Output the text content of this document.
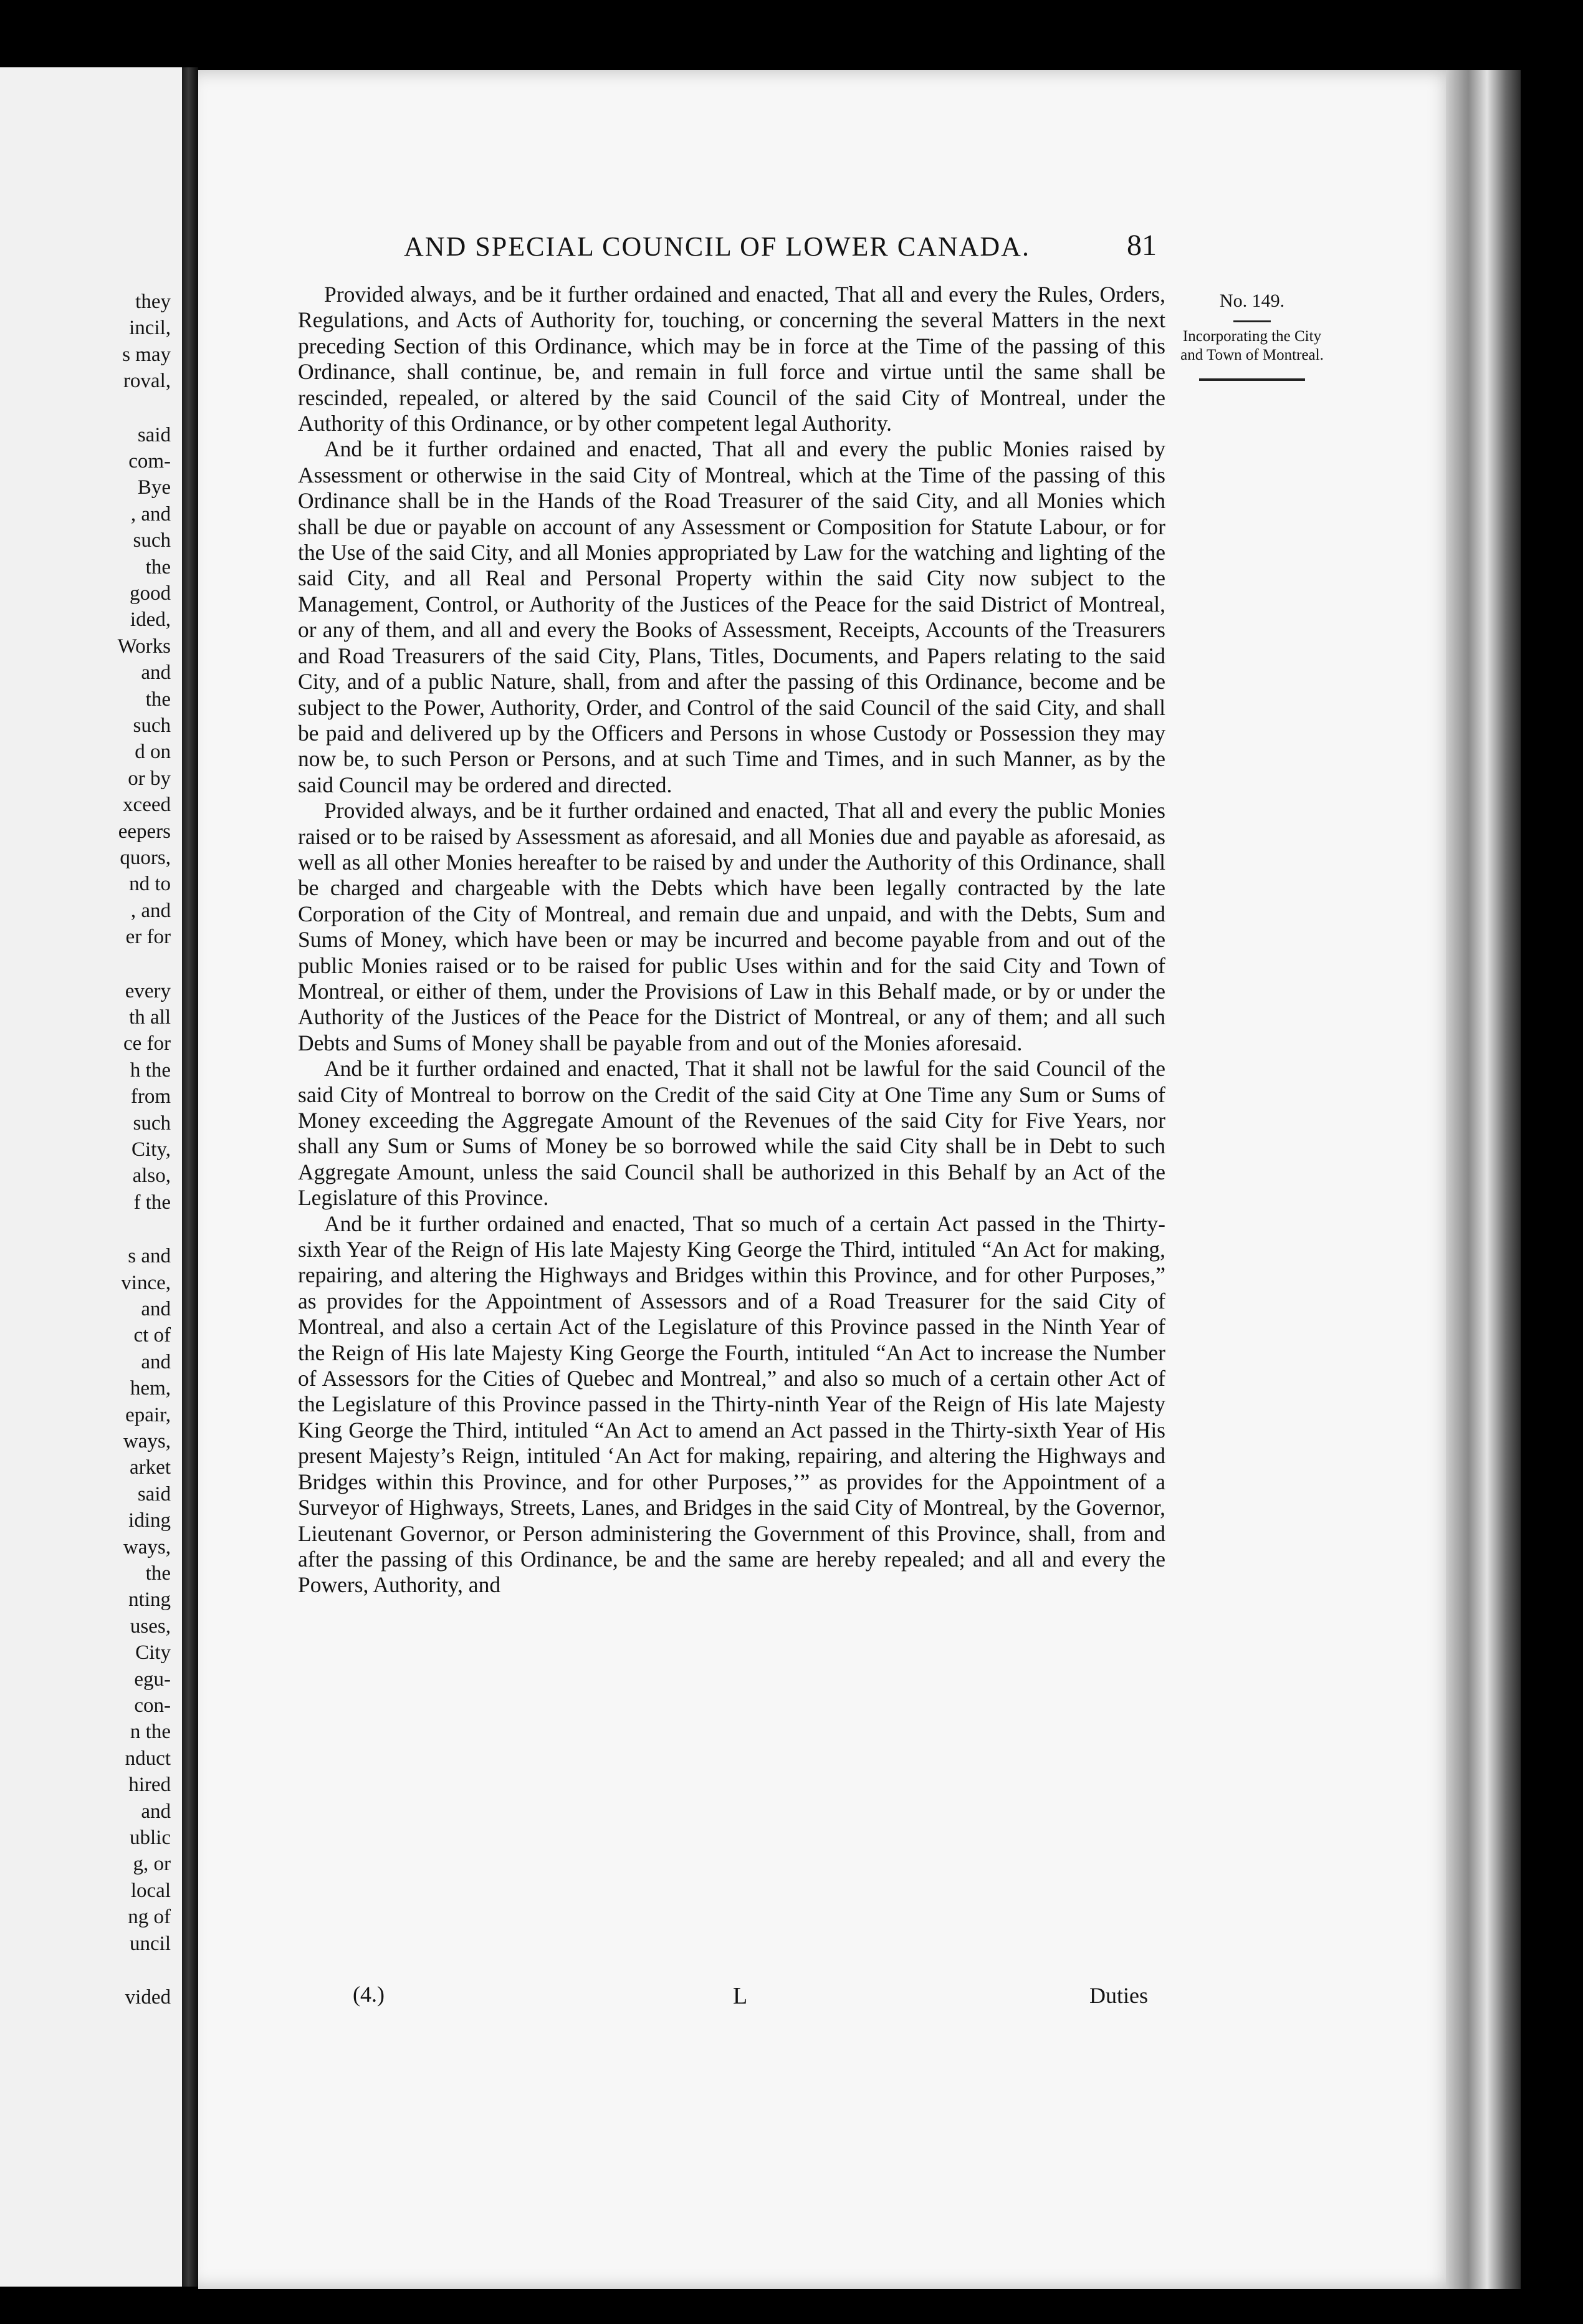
they
incil,
s may
roval,
said
com-
Bye
, and
such
the
good
ided,
Works
and
the
such
d on
or by
xceed
eepers
quors,
nd to
, and
er for
every
th all
ce for
h the
from
such
City,
also,
f the
s and
vince,
and
ct of
and
hem,
epair,
ways,
arket
said
iding
ways,
the
nting
uses,
City
egu-
con-
n the
nduct
hired
and
ublic
g, or
local
ng of
uncil
vided
AND SPECIAL COUNCIL OF LOWER CANADA.	81
No. 149.
Incorporating the City and Town of Montreal.

Provided always, and be it further ordained and enacted, That all and every the Rules, Orders, Regulations, and Acts of Authority for, touching, or concerning the several Matters in the next preceding Section of this Ordinance, which may be in force at the Time of the passing of this Ordinance, shall continue, be, and remain in full force and virtue until the same shall be rescinded, repealed, or altered by the said Council of the said City of Montreal, under the Authority of this Ordinance, or by other competent legal Authority.

And be it further ordained and enacted, That all and every the public Monies raised by Assessment or otherwise in the said City of Montreal, which at the Time of the passing of this Ordinance shall be in the Hands of the Road Treasurer of the said City, and all Monies which shall be due or payable on account of any Assessment or Composition for Statute Labour, or for the Use of the said City, and all Monies appropriated by Law for the watching and lighting of the said City, and all Real and Personal Property within the said City now subject to the Management, Control, or Authority of the Justices of the Peace for the said District of Montreal, or any of them, and all and every the Books of Assessment, Receipts, Accounts of the Treasurers and Road Treasurers of the said City, Plans, Titles, Documents, and Papers relating to the said City, and of a public Nature, shall, from and after the passing of this Ordinance, become and be subject to the Power, Authority, Order, and Control of the said Council of the said City, and shall be paid and delivered up by the Officers and Persons in whose Custody or Possession they may now be, to such Person or Persons, and at such Time and Times, and in such Manner, as by the said Council may be ordered and directed.

Provided always, and be it further ordained and enacted, That all and every the public Monies raised or to be raised by Assessment as aforesaid, and all Monies due and payable as aforesaid, as well as all other Monies hereafter to be raised by and under the Authority of this Ordinance, shall be charged and chargeable with the Debts which have been legally contracted by the late Corporation of the City of Montreal, and remain due and unpaid, and with the Debts, Sum and Sums of Money, which have been or may be incurred and become payable from and out of the public Monies raised or to be raised for public Uses within and for the said City and Town of Montreal, or either of them, under the Provisions of Law in this Behalf made, or by or under the Authority of the Justices of the Peace for the District of Montreal, or any of them; and all such Debts and Sums of Money shall be payable from and out of the Monies aforesaid.

And be it further ordained and enacted, That it shall not be lawful for the said Council of the said City of Montreal to borrow on the Credit of the said City at One Time any Sum or Sums of Money exceeding the Aggregate Amount of the Revenues of the said City for Five Years, nor shall any Sum or Sums of Money be so borrowed while the said City shall be in Debt to such Aggregate Amount, unless the said Council shall be authorized in this Behalf by an Act of the Legislature of this Province.

And be it further ordained and enacted, That so much of a certain Act passed in the Thirty-sixth Year of the Reign of His late Majesty King George the Third, intituled “An Act for making, repairing, and altering the Highways and Bridges within this Province, and for other Purposes,” as provides for the Appointment of Assessors and of a Road Treasurer for the said City of Montreal, and also a certain Act of the Legislature of this Province passed in the Ninth Year of the Reign of His late Majesty King George the Fourth, intituled “An Act to increase the Number of Assessors for the Cities of Quebec and Montreal,” and also so much of a certain other Act of the Legislature of this Province passed in the Thirty-ninth Year of the Reign of His late Majesty King George the Third, intituled “An Act to amend an Act passed in the Thirty-sixth Year of His present Majesty’s Reign, intituled ‘An Act for making, repairing, and altering the Highways and Bridges within this Province, and for other Purposes,’” as provides for the Appointment of a Surveyor of Highways, Streets, Lanes, and Bridges in the said City of Montreal, by the Governor, Lieutenant Governor, or Person administering the Government of this Province, shall, from and after the passing of this Ordinance, be and the same are hereby repealed; and all and every the Powers, Authority, and

(4.)	L	Duties
